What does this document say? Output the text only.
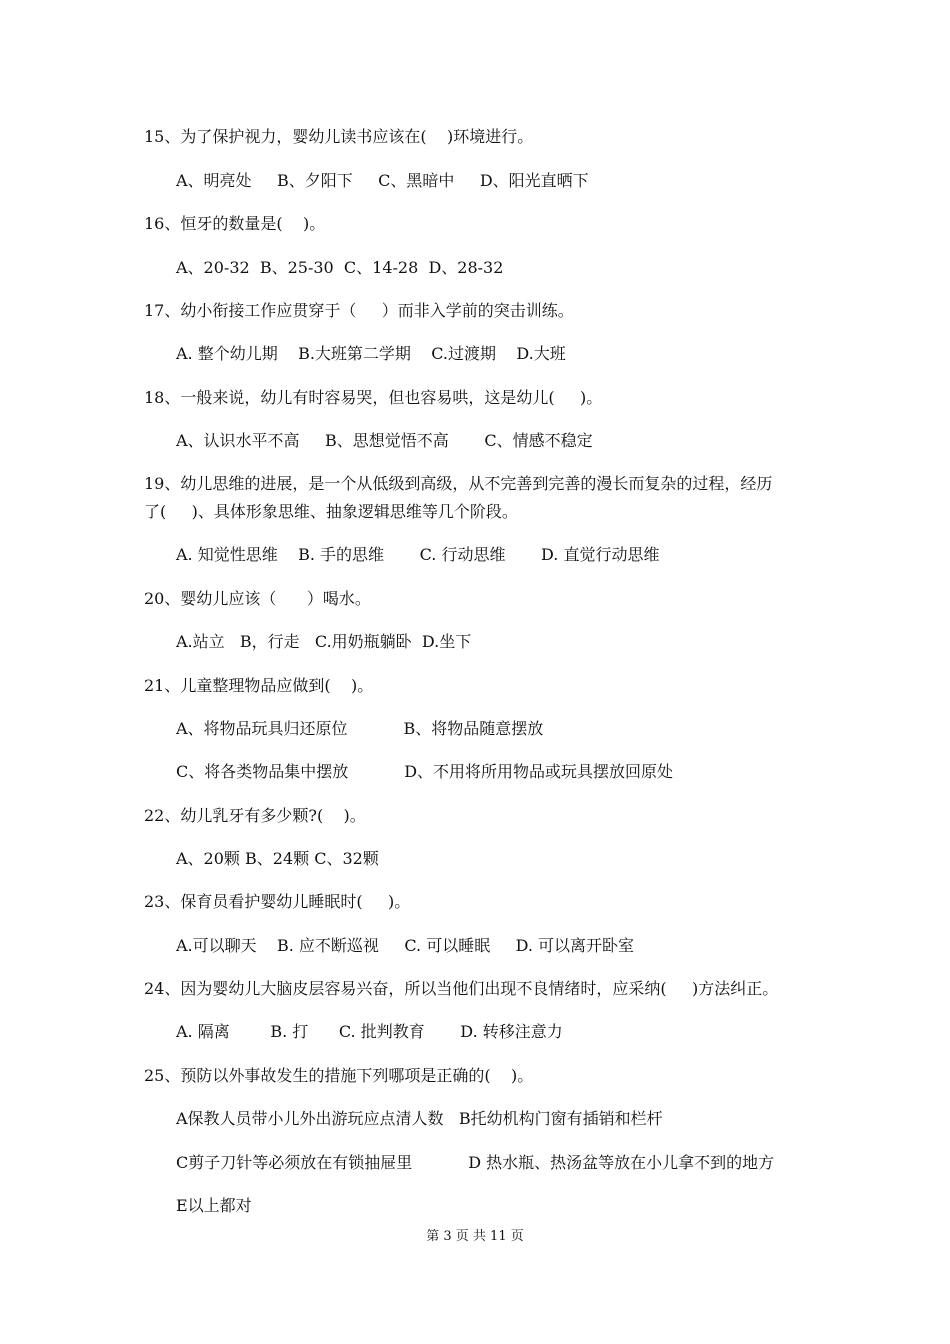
15、为了保护视力，婴幼儿读书应该在(    )环境进行。
A、明亮处     B、夕阳下     C、黑暗中     D、阳光直晒下
16、恒牙的数量是(    )。
A、20-32  B、25-30  C、14-28  D、28-32
17、幼小衔接工作应贯穿于（     ）而非入学前的突击训练。
A. 整个幼儿期    B.大班第二学期    C.过渡期    D.大班
18、一般来说，幼儿有时容易哭，但也容易哄，这是幼儿(     )。
A、认识水平不高     B、思想觉悟不高       C、情感不稳定
19、幼儿思维的进展，是一个从低级到高级，从不完善到完善的漫长而复杂的过程，经历
了(     )、具体形象思维、抽象逻辑思维等几个阶段。
A. 知觉性思维    B. 手的思维       C. 行动思维       D. 直觉行动思维
20、婴幼儿应该（      ）喝水。
A.站立   B，行走   C.用奶瓶躺卧  D.坐下
21、儿童整理物品应做到(    )。
A、将物品玩具归还原位           B、将物品随意摆放
C、将各类物品集中摆放           D、不用将所用物品或玩具摆放回原处
22、幼儿乳牙有多少颗?(    )。
A、20颗 B、24颗 C、32颗
23、保育员看护婴幼儿睡眠时(     )。
A.可以聊天    B. 应不断巡视     C. 可以睡眠     D. 可以离开卧室
24、因为婴幼儿大脑皮层容易兴奋，所以当他们出现不良情绪时，应采纳(     )方法纠正。
A. 隔离        B. 打      C. 批判教育       D. 转移注意力
25、预防以外事故发生的措施下列哪项是正确的(    )。
A保教人员带小儿外出游玩应点清人数   B托幼机构门窗有插销和栏杆
C剪子刀针等必须放在有锁抽屉里           D 热水瓶、热汤盆等放在小儿拿不到的地方
E以上都对
第 3 页 共 11 页
